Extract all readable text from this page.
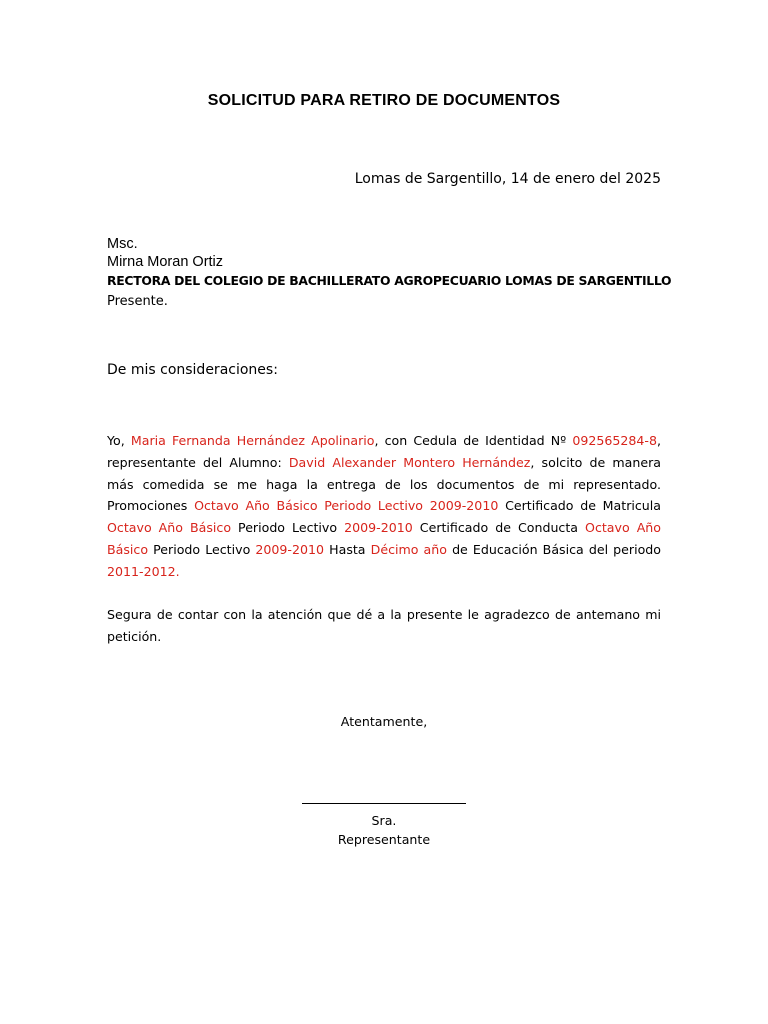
SOLICITUD PARA RETIRO DE DOCUMENTOS
Lomas de Sargentillo, 14 de enero del 2025
Msc.
Mirna Moran Ortiz
RECTORA DEL COLEGIO DE BACHILLERATO AGROPECUARIO LOMAS DE SARGENTILLO
Presente.
De mis consideraciones:

Yo, Maria Fernanda Hernández Apolinario, con Cedula de Identidad Nº 092565284-8, representante del Alumno: David Alexander Montero Hernández, solcito de manera más comedida se me haga la entrega de los documentos de mi representado. Promociones Octavo Año Básico Periodo Lectivo 2009-2010 Certificado de Matricula Octavo Año Básico Periodo Lectivo 2009-2010 Certificado de Conducta Octavo Año Básico Periodo Lectivo 2009-2010 Hasta Décimo año de Educación Básica del periodo 2011-2012.

Segura de contar con la atención que dé a la presente le agradezco de antemano mi petición.

Atentamente,
Sra.
Representante
